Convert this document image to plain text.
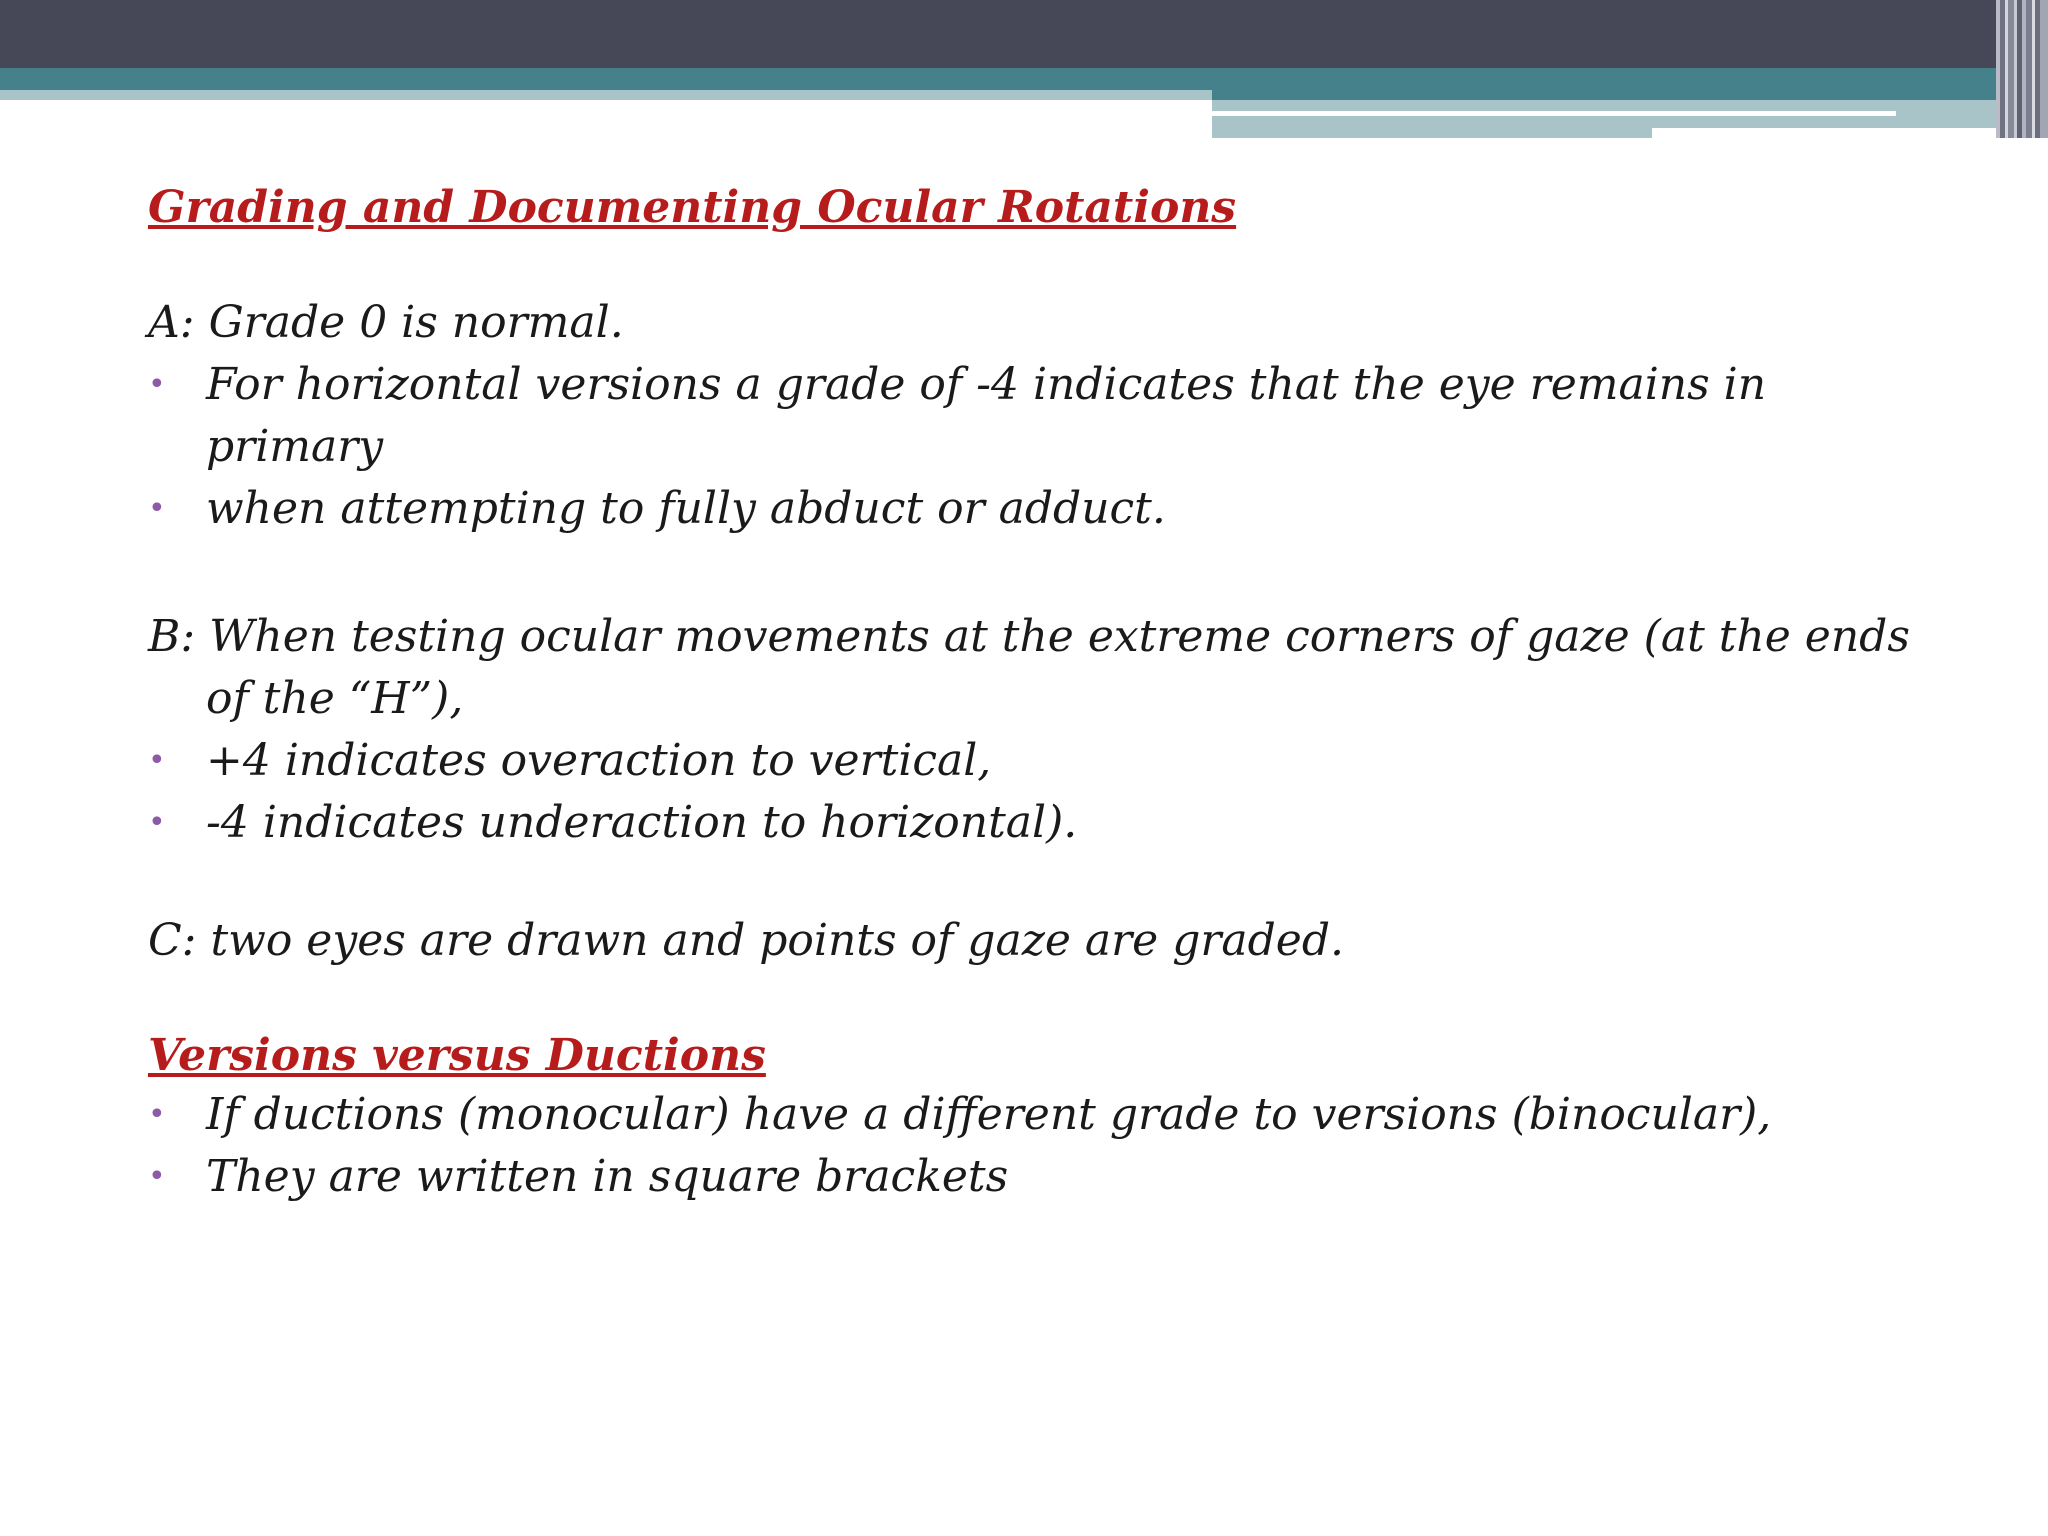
Grading and Documenting Ocular Rotations

A: Grade 0 is normal.

• For horizontal versions a grade of -4 indicates that the eye remains in primary
• when attempting to fully abduct or adduct.

B: When testing ocular movements at the extreme corners of gaze (at the ends of the “H”),

• +4 indicates overaction to vertical,
• -4 indicates underaction to horizontal).

C: two eyes are drawn and points of gaze are graded.

Versions versus Ductions

• If ductions (monocular) have a different grade to versions (binocular),
• They are written in square brackets
